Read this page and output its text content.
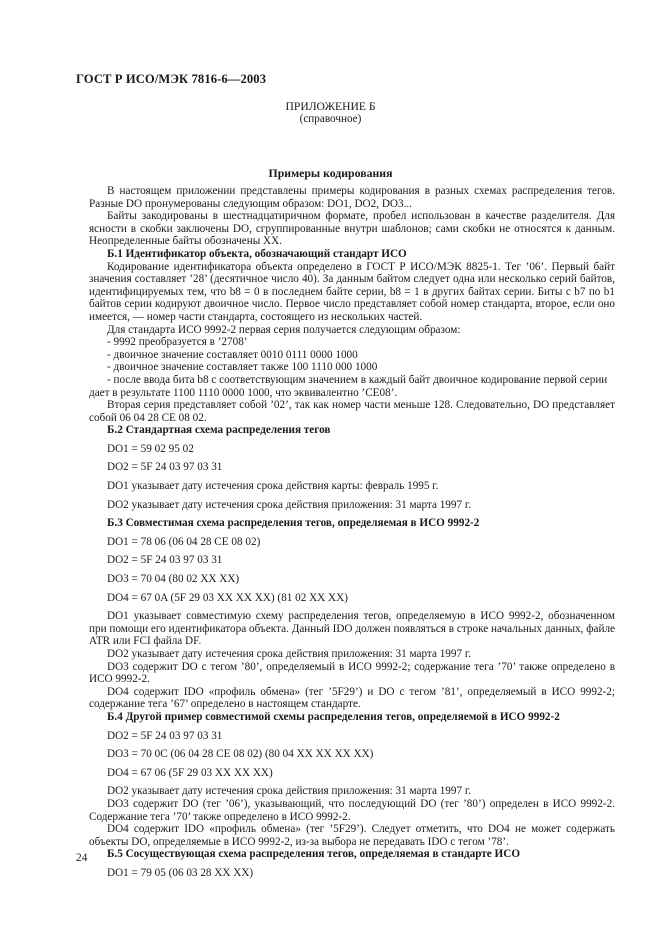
ГОСТ Р ИСО/МЭК 7816-6—2003
ПРИЛОЖЕНИЕ Б
(справочное)
Примеры кодирования

В настоящем приложении представлены примеры кодирования в разных схемах распределения тегов. Разные DO пронумерованы следующим образом: DO1, DO2, DO3...

Байты закодированы в шестнадцатиричном формате, пробел использован в качестве разделителя. Для ясности в скобки заключены DO, сгруппированные внутри шаблонов; сами скобки не относятся к данным. Неопределенные байты обозначены XX.

Б.1 Идентификатор объекта, обозначающий стандарт ИСО

Кодирование идентификатора объекта определено в ГОСТ Р ИСО/МЭК 8825-1. Тег ’06’. Первый байт значения составляет ’28’ (десятичное число 40). За данным байтом следует одна или несколько серий байтов, идентифицируемых тем, что b8 = 0 в последнем байте серии, b8 = 1 в других байтах серии. Биты с b7 по b1 байтов серии кодируют двоичное число. Первое число представляет собой номер стандарта, второе, если оно имеется, — номер части стандарта, состоящего из нескольких частей.

Для стандарта ИСО 9992-2 первая серия получается следующим образом:

- 9992 преобразуется в ’2708’

- двоичное значение составляет 0010 0111 0000 1000

- двоичное значение составляет также 100 1110 000 1000

- после ввода бита b8 с соответствующим значением в каждый байт двоичное кодирование первой серии

дает в результате 1100 1110 0000 1000, что эквивалентно ’CE08’.

Вторая серия представляет собой ’02’, так как номер части меньше 128. Следовательно, DO представляет собой 06 04 28 CE 08 02.

Б.2 Стандартная схема распределения тегов

DO1 = 59 02 95 02

DO2 = 5F 24 03 97 03 31

DO1 указывает дату истечения срока действия карты: февраль 1995 г.

DO2 указывает дату истечения срока действия приложения: 31 марта 1997 г.

Б.3 Совместимая схема распределения тегов, определяемая в ИСО 9992-2

DO1 = 78 06 (06 04 28 CE 08 02)

DO2 = 5F 24 03 97 03 31

DO3 = 70 04 (80 02 XX XX)

DO4 = 67 0A (5F 29 03 XX XX XX) (81 02 XX XX)

DO1 указывает совместимую схему распределения тегов, определяемую в ИСО 9992-2, обозначенном при помощи его идентификатора объекта. Данный IDO должен появляться в строке начальных данных, файле ATR или FCI файла DF.

DO2 указывает дату истечения срока действия приложения: 31 марта 1997 г.

DO3 содержит DO с тегом ’80’, определяемый в ИСО 9992-2; содержание тега ’70’ также определено в ИСО 9992-2.

DO4 содержит IDO «профиль обмена» (тег ’5F29’) и DO с тегом ’81’, определяемый в ИСО 9992-2; содержание тега ’67’ определено в настоящем стандарте.

Б.4 Другой пример совместимой схемы распределения тегов, определяемой в ИСО 9992-2

DO2 = 5F 24 03 97 03 31

DO3 = 70 0C (06 04 28 CE 08 02) (80 04 XX XX XX XX)

DO4 = 67 06 (5F 29 03 XX XX XX)

DO2 указывает дату истечения срока действия приложения: 31 марта 1997 г.

DO3 содержит DO (тег ’06’), указывающий, что последующий DO (тег ’80’) определен в ИСО 9992-2. Содержание тега ’70’ также определено в ИСО 9992-2.

DO4 содержит IDO «профиль обмена» (тег ’5F29’). Следует отметить, что DO4 не может содержать объекты DO, определяемые в ИСО 9992-2, из-за выбора не передавать IDO с тегом ’78’.

Б.5 Сосуществующая схема распределения тегов, определяемая в стандарте ИСО

DO1 = 79 05 (06 03 28 XX XX)

24
